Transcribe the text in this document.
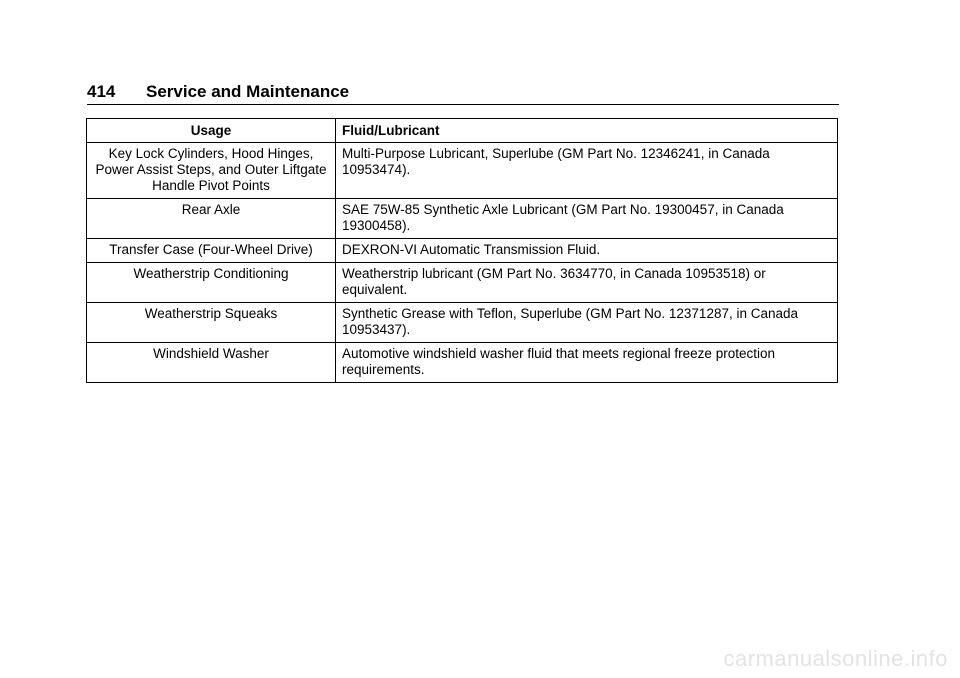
414 Service and Maintenance
Usage	Fluid/Lubricant
Key Lock Cylinders, Hood Hinges, Power Assist Steps, and Outer Liftgate Handle Pivot Points	Multi-Purpose Lubricant, Superlube (GM Part No. 12346241, in Canada 10953474).
Rear Axle	SAE 75W-85 Synthetic Axle Lubricant (GM Part No. 19300457, in Canada 19300458).
Transfer Case (Four-Wheel Drive)	DEXRON-VI Automatic Transmission Fluid.
Weatherstrip Conditioning	Weatherstrip lubricant (GM Part No. 3634770, in Canada 10953518) or equivalent.
Weatherstrip Squeaks	Synthetic Grease with Teflon, Superlube (GM Part No. 12371287, in Canada 10953437).
Windshield Washer	Automotive windshield washer fluid that meets regional freeze protection requirements.
carmanualsonline.info
